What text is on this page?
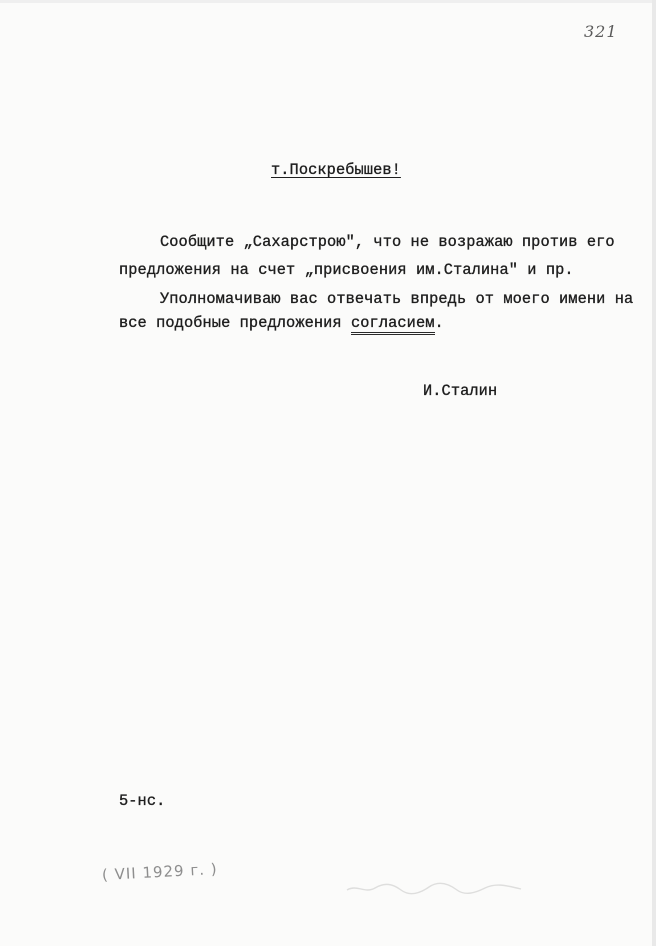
321
т.Поскребышев!
Сообщите „Сахарстрою", что не возражаю против его
предложения на счет „присвоения им.Сталина" и пр.
Уполномачиваю вас отвечать впредь от моего имени на
все подобные предложения согласием.
И.Сталин
5-нс.
( VII 1929 г. )
